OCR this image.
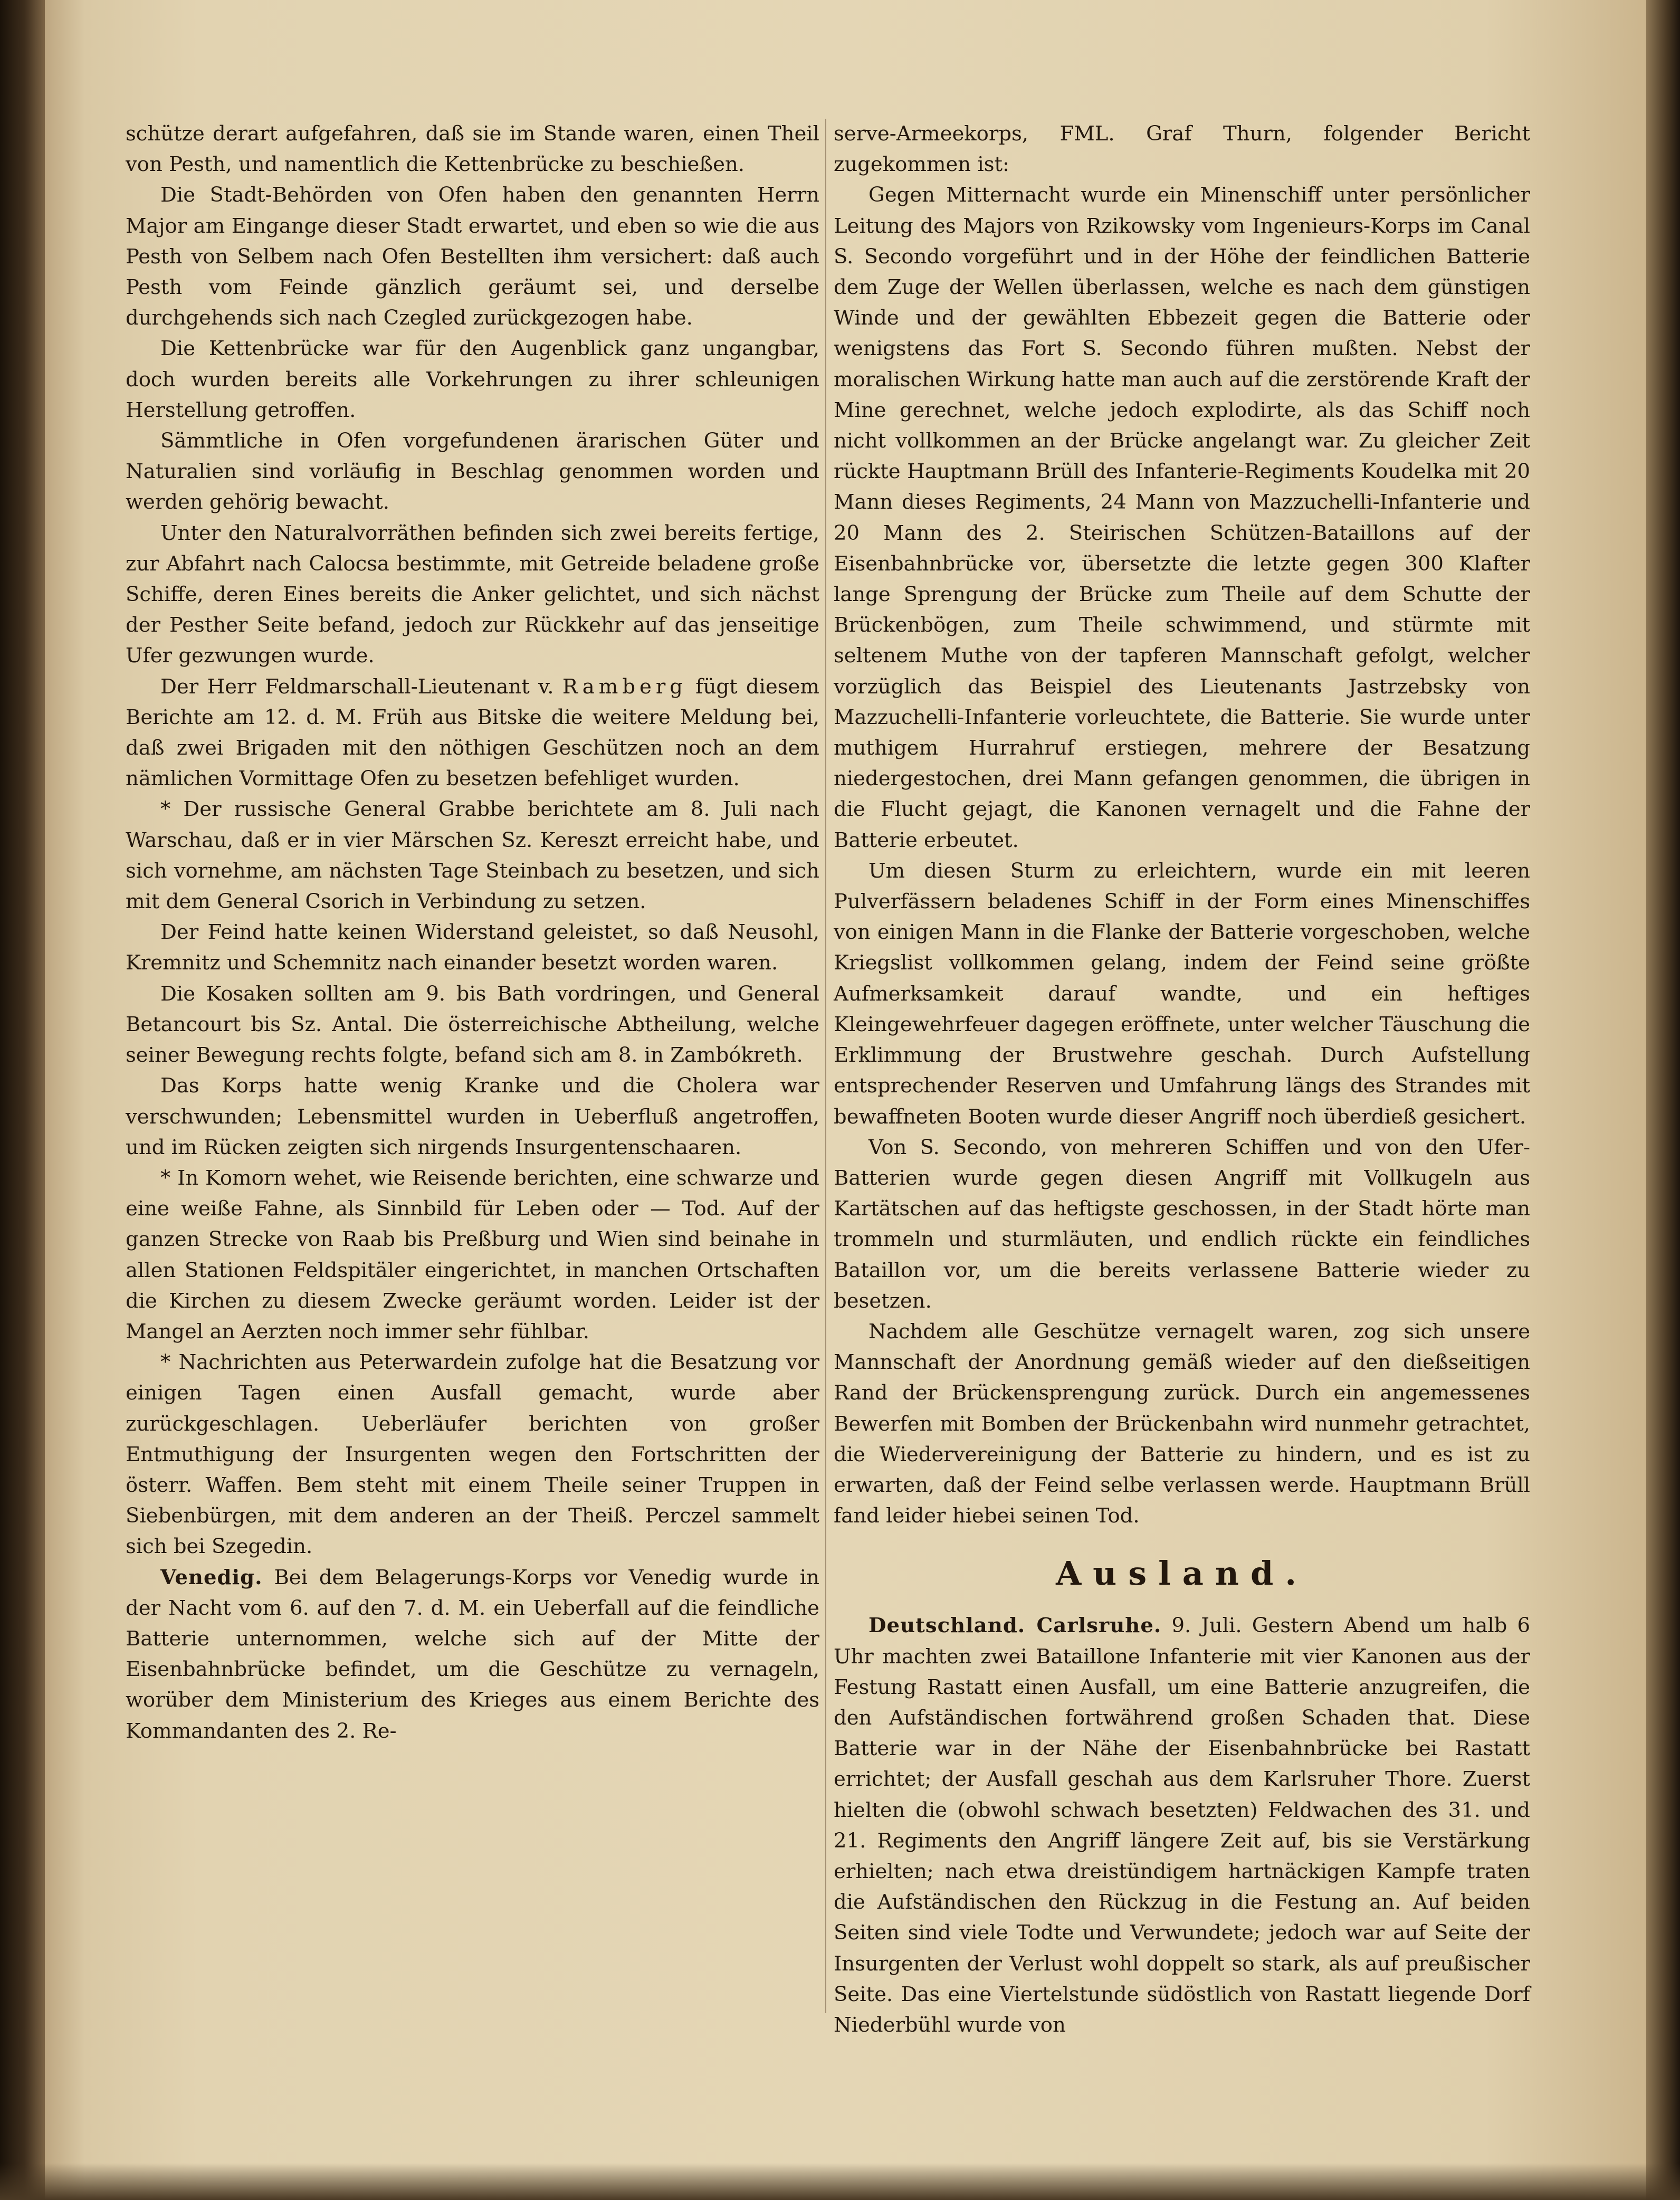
schütze derart aufgefahren, daß sie im Stande waren, einen Theil von Pesth, und namentlich die Kettenbrücke zu beschießen.

Die Stadt-Behörden von Ofen haben den genannten Herrn Major am Eingange dieser Stadt erwartet, und eben so wie die aus Pesth von Selbem nach Ofen Bestellten ihm versichert: daß auch Pesth vom Feinde gänzlich geräumt sei, und derselbe durchgehends sich nach Czegled zurückgezogen habe.

Die Kettenbrücke war für den Augenblick ganz ungangbar, doch wurden bereits alle Vorkehrungen zu ihrer schleunigen Herstellung getroffen.

Sämmtliche in Ofen vorgefundenen ärarischen Güter und Naturalien sind vorläufig in Beschlag genommen worden und werden gehörig bewacht.

Unter den Naturalvorräthen befinden sich zwei bereits fertige, zur Abfahrt nach Calocsa bestimmte, mit Getreide beladene große Schiffe, deren Eines bereits die Anker gelichtet, und sich nächst der Pesther Seite befand, jedoch zur Rückkehr auf das jenseitige Ufer gezwungen wurde.

Der Herr Feldmarschall-Lieutenant v. Ramberg fügt diesem Berichte am 12. d. M. Früh aus Bitske die weitere Meldung bei, daß zwei Brigaden mit den nöthigen Geschützen noch an dem nämlichen Vormittage Ofen zu besetzen befehliget wurden.

* Der russische General Grabbe berichtete am 8. Juli nach Warschau, daß er in vier Märschen Sz. Kereszt erreicht habe, und sich vornehme, am nächsten Tage Steinbach zu besetzen, und sich mit dem General Csorich in Verbindung zu setzen.

Der Feind hatte keinen Widerstand geleistet, so daß Neusohl, Kremnitz und Schemnitz nach einander besetzt worden waren.

Die Kosaken sollten am 9. bis Bath vordringen, und General Betancourt bis Sz. Antal. Die österreichische Abtheilung, welche seiner Bewegung rechts folgte, befand sich am 8. in Zambókreth.

Das Korps hatte wenig Kranke und die Cholera war verschwunden; Lebensmittel wurden in Ueberfluß angetroffen, und im Rücken zeigten sich nirgends Insurgentenschaaren.

* In Komorn wehet, wie Reisende berichten, eine schwarze und eine weiße Fahne, als Sinnbild für Leben oder — Tod. Auf der ganzen Strecke von Raab bis Preßburg und Wien sind beinahe in allen Stationen Feldspitäler eingerichtet, in manchen Ortschaften die Kirchen zu diesem Zwecke geräumt worden. Leider ist der Mangel an Aerzten noch immer sehr fühlbar.

* Nachrichten aus Peterwardein zufolge hat die Besatzung vor einigen Tagen einen Ausfall gemacht, wurde aber zurückgeschlagen. Ueberläufer berichten von großer Entmuthigung der Insurgenten wegen den Fortschritten der österr. Waffen. Bem steht mit einem Theile seiner Truppen in Siebenbürgen, mit dem anderen an der Theiß. Perczel sammelt sich bei Szegedin.

Venedig. Bei dem Belagerungs-Korps vor Venedig wurde in der Nacht vom 6. auf den 7. d. M. ein Ueberfall auf die feindliche Batterie unternommen, welche sich auf der Mitte der Eisenbahnbrücke befindet, um die Geschütze zu vernageln, worüber dem Ministerium des Krieges aus einem Berichte des Kommandanten des 2. Re-

serve-Armeekorps, FML. Graf Thurn, folgender Bericht zugekommen ist:

Gegen Mitternacht wurde ein Minenschiff unter persönlicher Leitung des Majors von Rzikowsky vom Ingenieurs-Korps im Canal S. Secondo vorgeführt und in der Höhe der feindlichen Batterie dem Zuge der Wellen überlassen, welche es nach dem günstigen Winde und der gewählten Ebbezeit gegen die Batterie oder wenigstens das Fort S. Secondo führen mußten. Nebst der moralischen Wirkung hatte man auch auf die zerstörende Kraft der Mine gerechnet, welche jedoch explodirte, als das Schiff noch nicht vollkommen an der Brücke angelangt war. Zu gleicher Zeit rückte Hauptmann Brüll des Infanterie-Regiments Koudelka mit 20 Mann dieses Regiments, 24 Mann von Mazzuchelli-Infanterie und 20 Mann des 2. Steirischen Schützen-Bataillons auf der Eisenbahnbrücke vor, übersetzte die letzte gegen 300 Klafter lange Sprengung der Brücke zum Theile auf dem Schutte der Brückenbögen, zum Theile schwimmend, und stürmte mit seltenem Muthe von der tapferen Mannschaft gefolgt, welcher vorzüglich das Beispiel des Lieutenants Jastrzebsky von Mazzuchelli-Infanterie vorleuchtete, die Batterie. Sie wurde unter muthigem Hurrahruf erstiegen, mehrere der Besatzung niedergestochen, drei Mann gefangen genommen, die übrigen in die Flucht gejagt, die Kanonen vernagelt und die Fahne der Batterie erbeutet.

Um diesen Sturm zu erleichtern, wurde ein mit leeren Pulverfässern beladenes Schiff in der Form eines Minenschiffes von einigen Mann in die Flanke der Batterie vorgeschoben, welche Kriegslist vollkommen gelang, indem der Feind seine größte Aufmerksamkeit darauf wandte, und ein heftiges Kleingewehrfeuer dagegen eröffnete, unter welcher Täuschung die Erklimmung der Brustwehre geschah. Durch Aufstellung entsprechender Reserven und Umfahrung längs des Strandes mit bewaffneten Booten wurde dieser Angriff noch überdieß gesichert.

Von S. Secondo, von mehreren Schiffen und von den Ufer-Batterien wurde gegen diesen Angriff mit Vollkugeln aus Kartätschen auf das heftigste geschossen, in der Stadt hörte man trommeln und sturmläuten, und endlich rückte ein feindliches Bataillon vor, um die bereits verlassene Batterie wieder zu besetzen.

Nachdem alle Geschütze vernagelt waren, zog sich unsere Mannschaft der Anordnung gemäß wieder auf den dießseitigen Rand der Brückensprengung zurück. Durch ein angemessenes Bewerfen mit Bomben der Brückenbahn wird nunmehr getrachtet, die Wiedervereinigung der Batterie zu hindern, und es ist zu erwarten, daß der Feind selbe verlassen werde. Hauptmann Brüll fand leider hiebei seinen Tod.

Ausland.

Deutschland. Carlsruhe. 9. Juli. Gestern Abend um halb 6 Uhr machten zwei Bataillone Infanterie mit vier Kanonen aus der Festung Rastatt einen Ausfall, um eine Batterie anzugreifen, die den Aufständischen fortwährend großen Schaden that. Diese Batterie war in der Nähe der Eisenbahnbrücke bei Rastatt errichtet; der Ausfall geschah aus dem Karlsruher Thore. Zuerst hielten die (obwohl schwach besetzten) Feldwachen des 31. und 21. Regiments den Angriff längere Zeit auf, bis sie Verstärkung erhielten; nach etwa dreistündigem hartnäckigen Kampfe traten die Aufständischen den Rückzug in die Festung an. Auf beiden Seiten sind viele Todte und Verwundete; jedoch war auf Seite der Insurgenten der Verlust wohl doppelt so stark, als auf preußischer Seite. Das eine Viertelstunde südöstlich von Rastatt liegende Dorf Niederbühl wurde von
